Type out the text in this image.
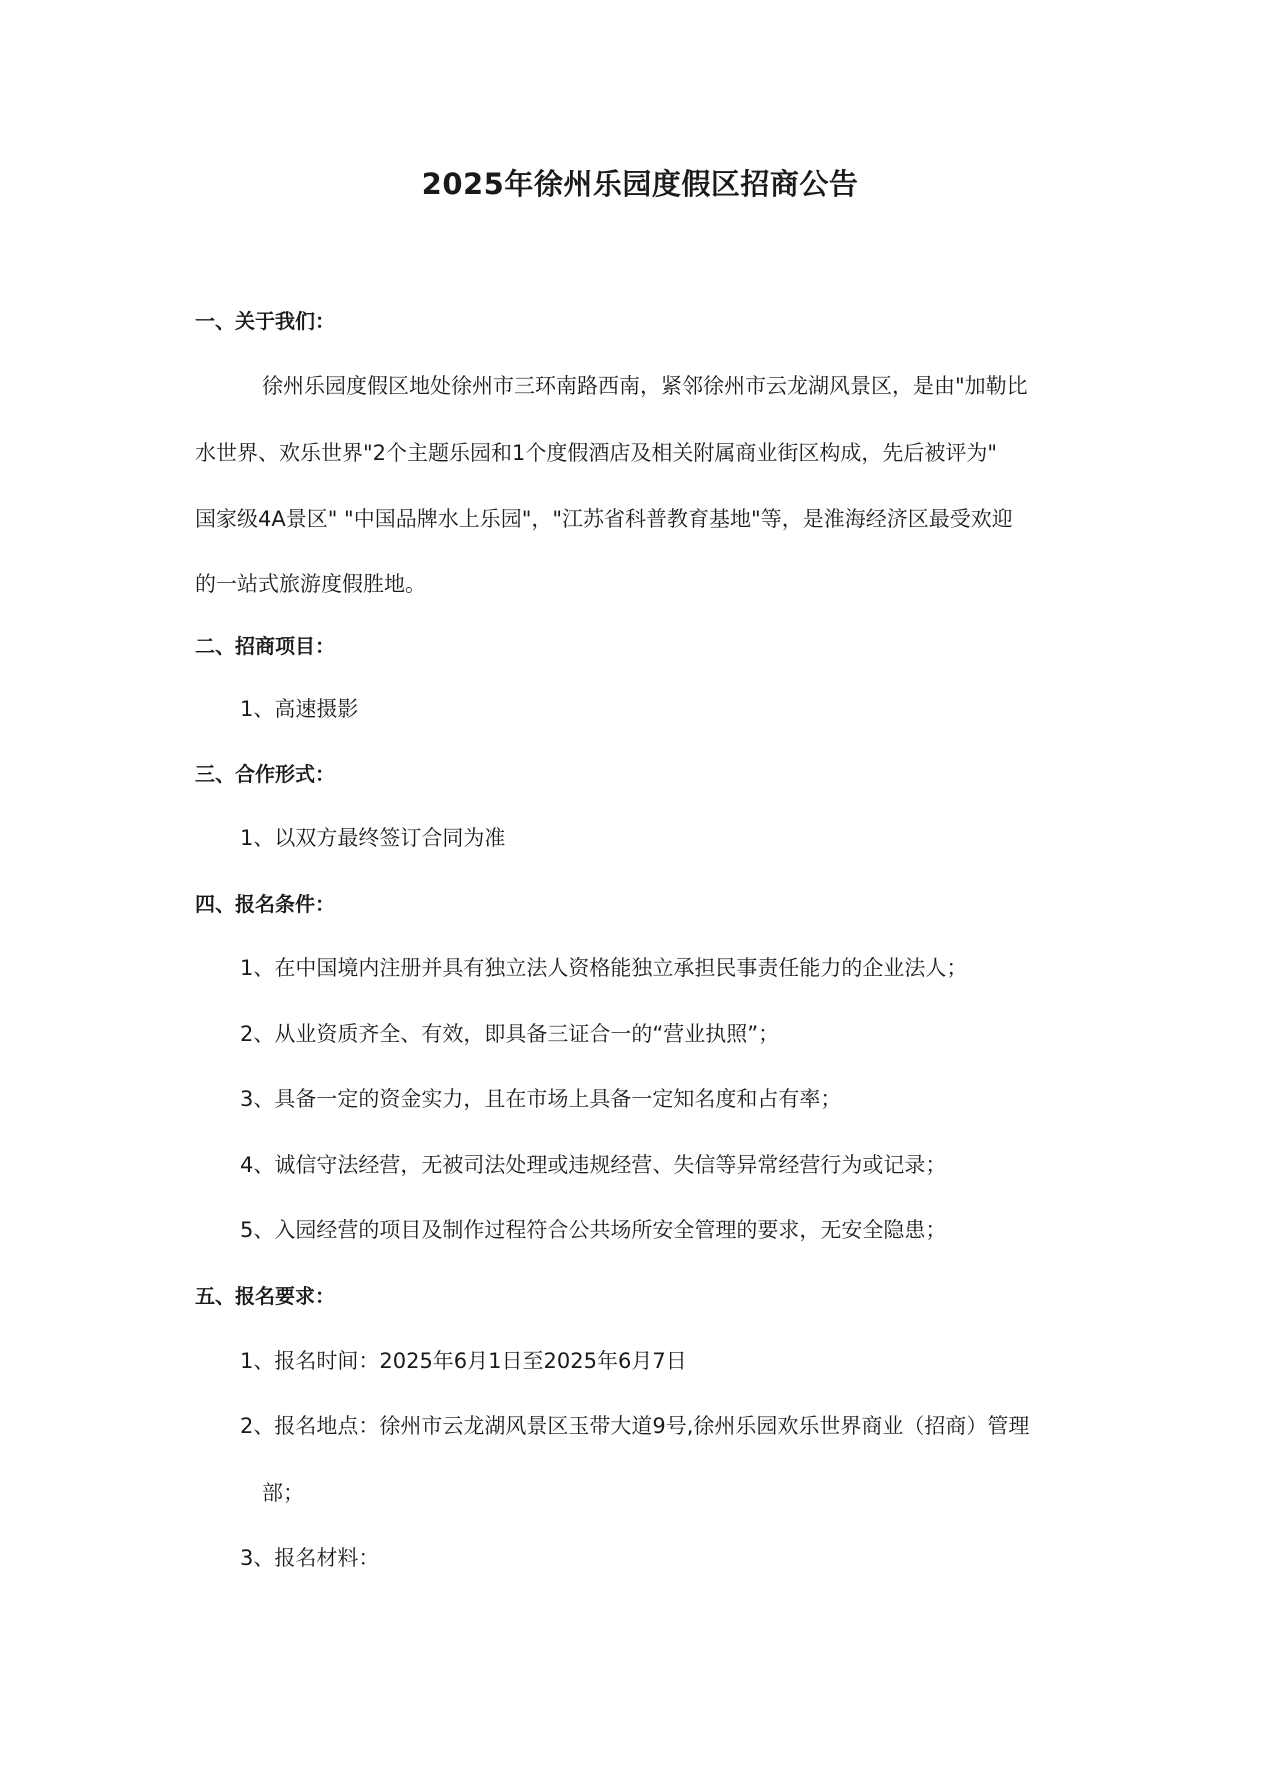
2025年徐州乐园度假区招商公告
一、关于我们：
徐州乐园度假区地处徐州市三环南路西南，紧邻徐州市云龙湖风景区，是由"加勒比
水世界、欢乐世界"2个主题乐园和1个度假酒店及相关附属商业街区构成，先后被评为"
国家级4A景区" "中国品牌水上乐园"，"江苏省科普教育基地"等，是淮海经济区最受欢迎
的一站式旅游度假胜地。
二、招商项目：
1、高速摄影
三、合作形式：
1、以双方最终签订合同为准
四、报名条件：
1、在中国境内注册并具有独立法人资格能独立承担民事责任能力的企业法人；
2、从业资质齐全、有效，即具备三证合一的“营业执照”；
3、具备一定的资金实力，且在市场上具备一定知名度和占有率；
4、诚信守法经营，无被司法处理或违规经营、失信等异常经营行为或记录；
5、入园经营的项目及制作过程符合公共场所安全管理的要求，无安全隐患；
五、报名要求：
1、报名时间：2025年6月1日至2025年6月7日
2、报名地点：徐州市云龙湖风景区玉带大道9号,徐州乐园欢乐世界商业（招商）管理
部；
3、报名材料：
